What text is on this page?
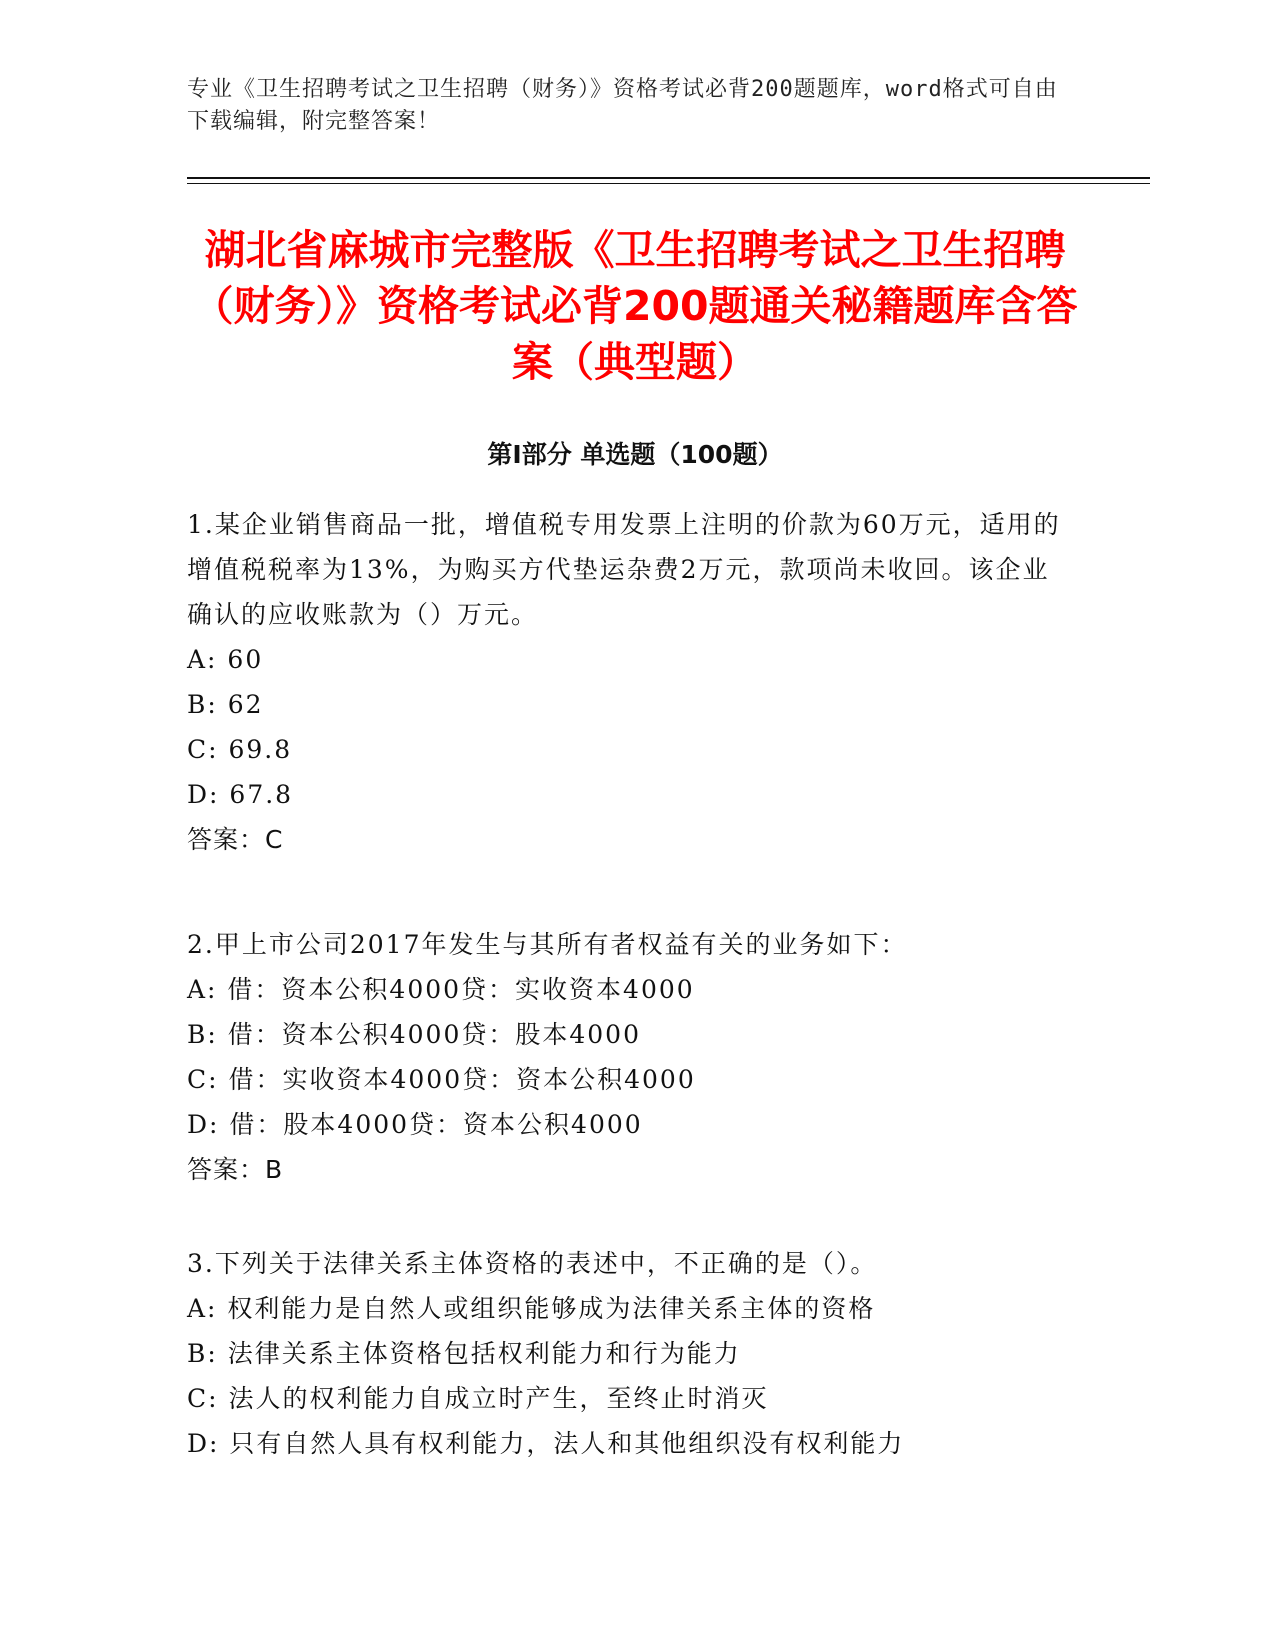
专业《卫生招聘考试之卫生招聘（财务）》资格考试必背200题题库，word格式可自由下载编辑，附完整答案！
湖北省麻城市完整版《卫生招聘考试之卫生招聘（财务）》资格考试必背200题通关秘籍题库含答案（典型题）
第Ⅰ部分 单选题（100题）

1.某企业销售商品一批，增值税专用发票上注明的价款为60万元，适用的增值税税率为13%，为购买方代垫运杂费2万元，款项尚未收回。该企业确认的应收账款为（）万元。

A: 60

B: 62

C: 69.8

D: 67.8

答案：C

2.甲上市公司2017年发生与其所有者权益有关的业务如下：

A: 借：资本公积4000贷：实收资本4000

B: 借：资本公积4000贷：股本4000

C: 借：实收资本4000贷：资本公积4000

D: 借：股本4000贷：资本公积4000

答案：B

3.下列关于法律关系主体资格的表述中，不正确的是（）。

A: 权利能力是自然人或组织能够成为法律关系主体的资格

B: 法律关系主体资格包括权利能力和行为能力

C: 法人的权利能力自成立时产生，至终止时消灭

D: 只有自然人具有权利能力，法人和其他组织没有权利能力
